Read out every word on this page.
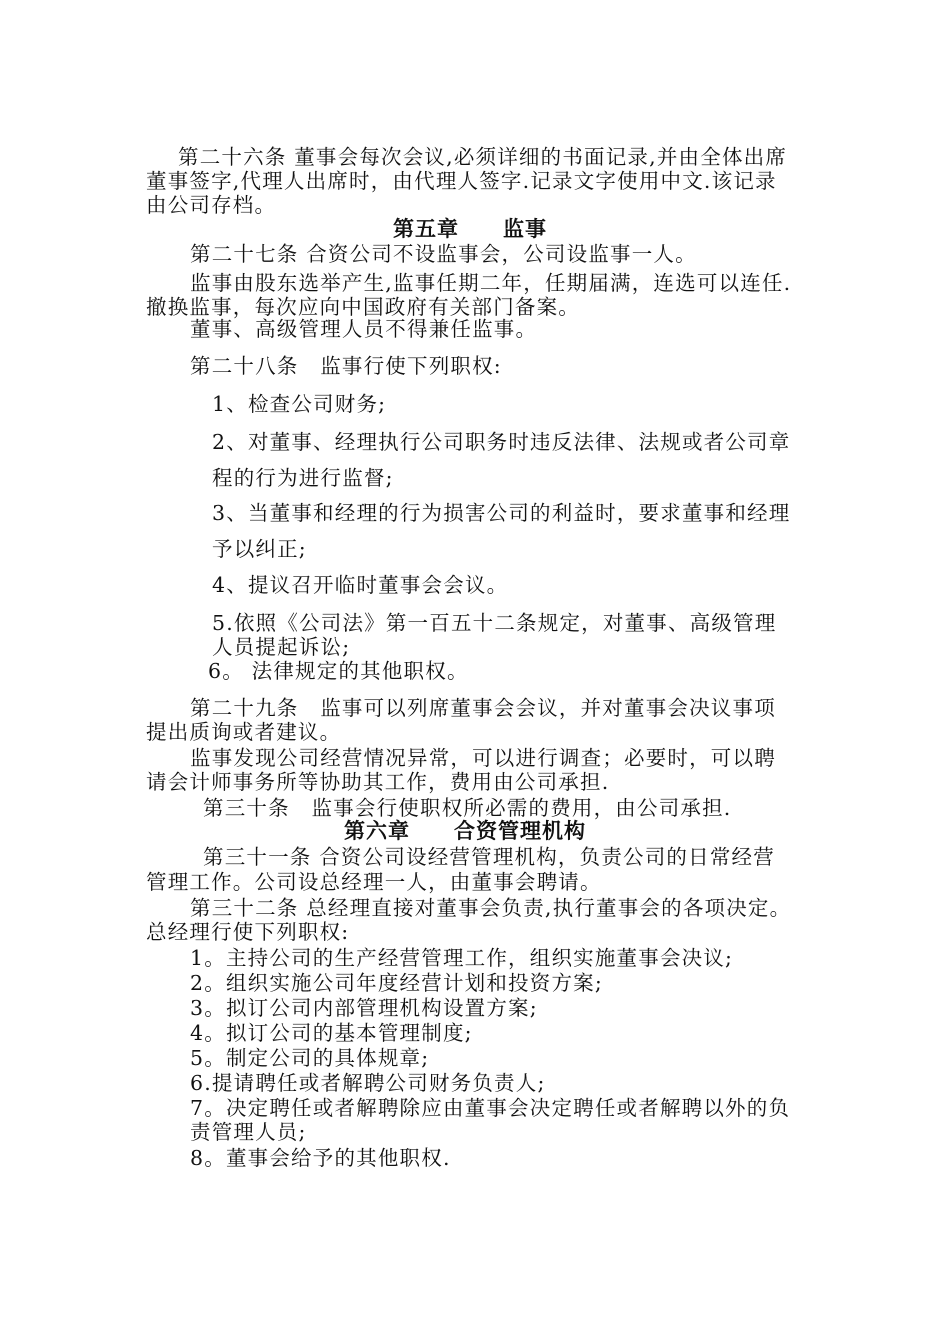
第二十六条 董事会每次会议,必须详细的书面记录,并由全体出席
董事签字,代理人出席时，由代理人签字.记录文字使用中文.该记录
由公司存档。
第五章　　监事
第二十七条 合资公司不设监事会，公司设监事一人。
监事由股东选举产生,监事任期二年，任期届满，连选可以连任.
撤换监事，每次应向中国政府有关部门备案。
董事、高级管理人员不得兼任监事。
第二十八条　监事行使下列职权:
1、检查公司财务;
2、对董事、经理执行公司职务时违反法律、法规或者公司章
程的行为进行监督;
3、当董事和经理的行为损害公司的利益时，要求董事和经理
予以纠正;
4、提议召开临时董事会会议。
5.依照《公司法》第一百五十二条规定，对董事、高级管理
人员提起诉讼;
6。 法律规定的其他职权。
第二十九条　监事可以列席董事会会议，并对董事会决议事项
提出质询或者建议。
监事发现公司经营情况异常，可以进行调查；必要时，可以聘
请会计师事务所等协助其工作，费用由公司承担.
第三十条　监事会行使职权所必需的费用，由公司承担.
第六章　　合资管理机构
第三十一条 合资公司设经营管理机构，负责公司的日常经营
管理工作。公司设总经理一人，由董事会聘请。
第三十二条 总经理直接对董事会负责,执行董事会的各项决定。
总经理行使下列职权:
1。主持公司的生产经营管理工作，组织实施董事会决议;
2。组织实施公司年度经营计划和投资方案;
3。拟订公司内部管理机构设置方案;
4。拟订公司的基本管理制度;
5。制定公司的具体规章;
6.提请聘任或者解聘公司财务负责人;
7。决定聘任或者解聘除应由董事会决定聘任或者解聘以外的负
责管理人员;
8。董事会给予的其他职权.
